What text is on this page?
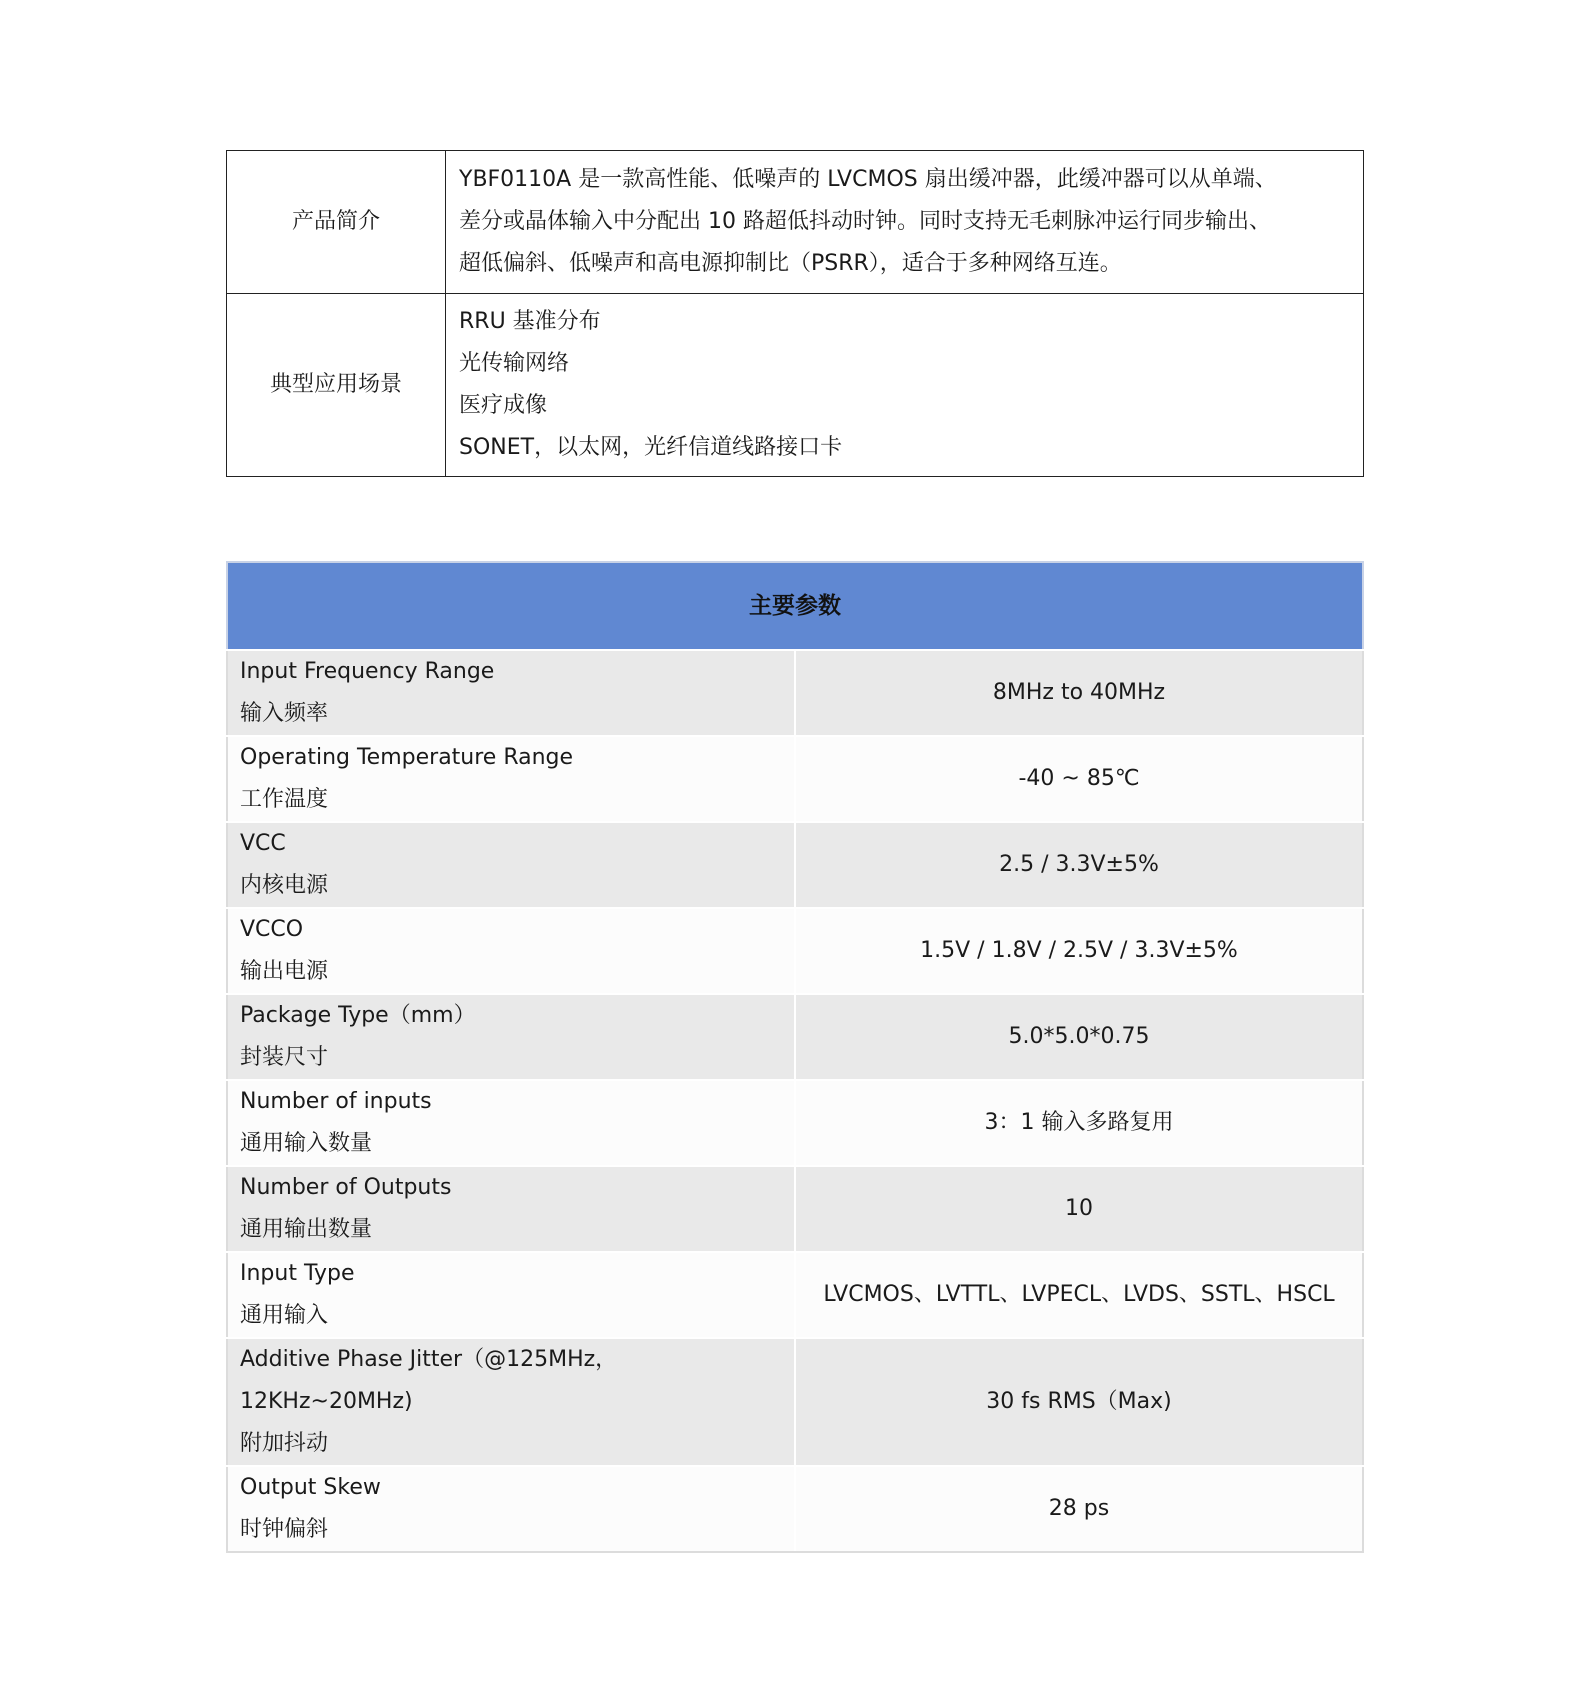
产品简介	YBF0110A 是一款高性能、低噪声的 LVCMOS 扇出缓冲器，此缓冲器可以从单端、
差分或晶体输入中分配出 10 路超低抖动时钟。同时支持无毛刺脉冲运行同步输出、
超低偏斜、低噪声和高电源抑制比（PSRR），适合于多种网络互连。

典型应用场景	RRU 基准分布
光传输网络
医疗成像
SONET，以太网，光纤信道线路接口卡
主要参数	

Input Frequency Range
输入频率	8MHz to 40MHz

Operating Temperature Range
工作温度	-40 ~ 85℃

VCC
内核电源	2.5 / 3.3V±5%

VCCO
输出电源	1.5V / 1.8V / 2.5V / 3.3V±5%

Package Type（mm）
封装尺寸	5.0*5.0*0.75

Number of inputs
通用输入数量	3：1 输入多路复用

Number of Outputs
通用输出数量	10

Input Type
通用输入	LVCMOS、LVTTL、LVPECL、LVDS、SSTL、HSCL

Additive Phase Jitter（@125MHz，
12KHz~20MHz)
附加抖动	30 fs RMS（Max)

Output Skew
时钟偏斜	28 ps
